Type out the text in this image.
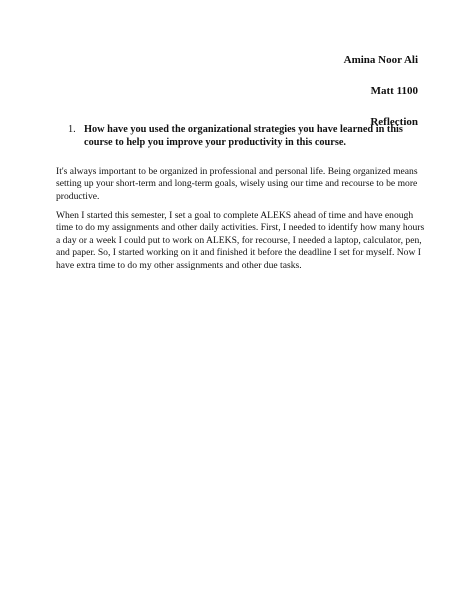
Amina Noor Ali
Matt 1100
Reflection
1. How have you used the organizational strategies you have learned in this course to help you improve your productivity in this course.

It's always important to be organized in professional and personal life. Being organized means setting up your short-term and long-term goals, wisely using our time and recourse to be more productive.

When I started this semester, I set a goal to complete ALEKS ahead of time and have enough time to do my assignments and other daily activities. First, I needed to identify how many hours a day or a week I could put to work on ALEKS, for recourse, I needed a laptop, calculator, pen, and paper. So, I started working on it and finished it before the deadline I set for myself. Now I have extra time to do my other assignments and other due tasks.
